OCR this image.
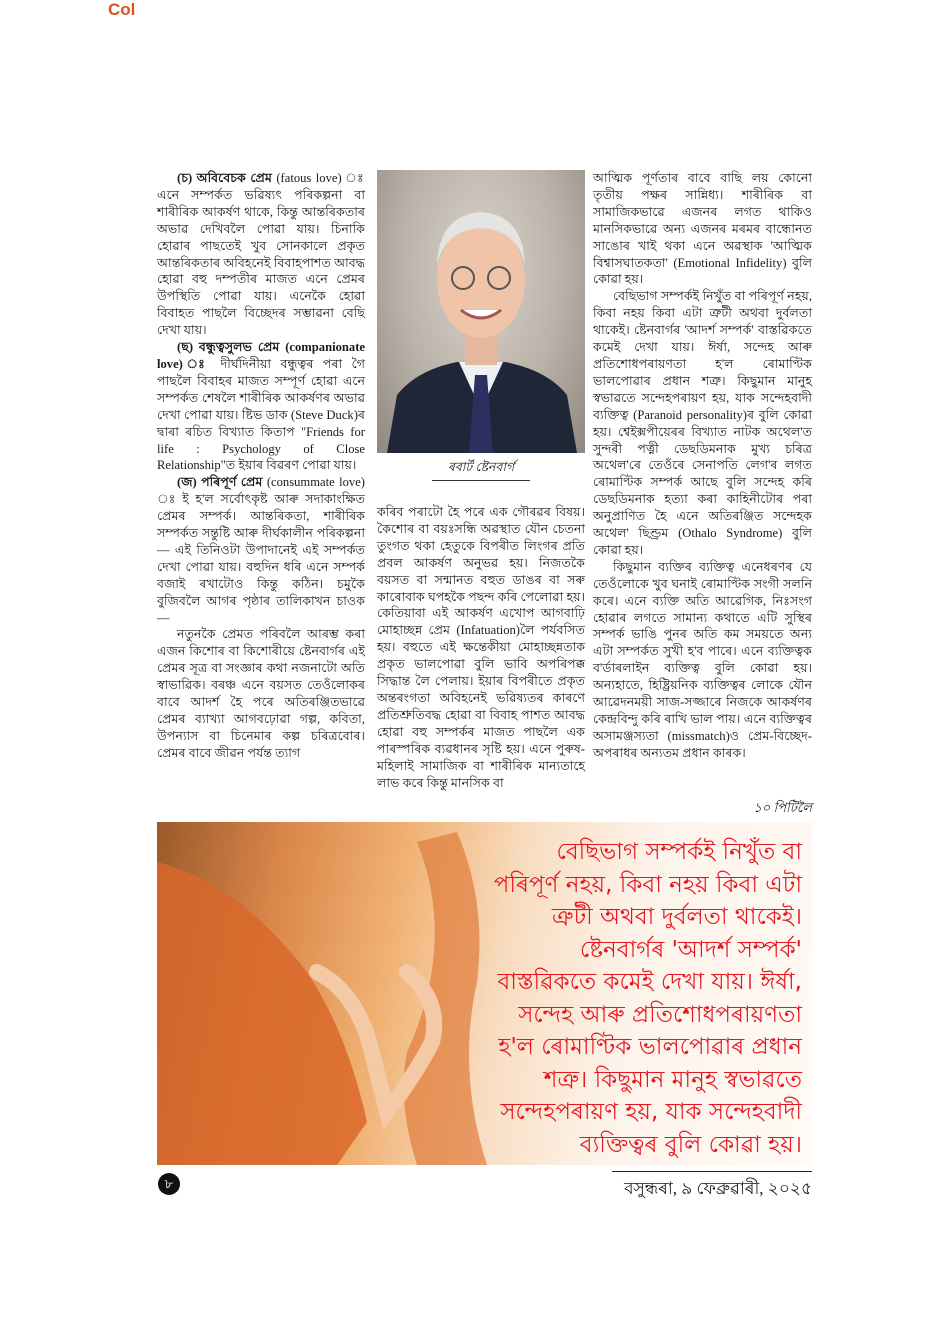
Col

(চ) অবিবেচক প্ৰেম (fatous love) ঃ এনে সম্পৰ্কত ভৱিষ্যৎ পৰিকল্পনা বা শাৰীৰিক আকৰ্ষণ থাকে, কিন্তু আন্তৰিকতাৰ অভাৱ দেখিবলৈ পোৱা যায়। চিনাকি হোৱাৰ পাছতেই খুব সোনকালে প্ৰকৃত আন্তৰিকতাৰ অবিহনেই বিবাহপাশত আবদ্ধ হোৱা বহু দম্পতীৰ মাজত এনে প্ৰেমৰ উপস্থিতি পোৱা যায়। এনেকৈ হোৱা বিবাহত পাছলৈ বিচ্ছেদৰ সম্ভাৱনা বেছি দেখা যায়।

(ছ) বন্ধুত্বসুলভ প্ৰেম (companionate love) ঃ দীৰ্ঘদিনীয়া বন্ধুত্বৰ পৰা গৈ পাছলৈ বিবাহৰ মাজত সম্পূৰ্ণ হোৱা এনে সম্পৰ্কত শেষলৈ শাৰীৰিক আকৰ্ষণৰ অভাৱ দেখা পোৱা যায়। ষ্টিভ ডাক (Steve Duck)ৰ দ্বাৰা ৰচিত বিখ্যাত কিতাপ "Friends for life : Psychology of Close Relationship"ত ইয়াৰ বিৱৰণ পোৱা যায়।

(জ) পৰিপূৰ্ণ প্ৰেম (consummate love) ঃ ই হ'ল সৰ্বোৎকৃষ্ট আৰু সদাকাংক্ষিত প্ৰেমৰ সম্পৰ্ক। আন্তৰিকতা, শাৰীৰিক সম্পৰ্কত সন্তুষ্টি আৰু দীৰ্ঘকালীন পৰিকল্পনা — এই তিনিওটা উপাদানেই এই সম্পৰ্কত দেখা পোৱা যায়। বহুদিন ধৰি এনে সম্পৰ্ক বজাই ৰখাটোও কিন্তু কঠিন। চমুকৈ বুজিবলৈ আগৰ পৃষ্ঠাৰ তালিকাখন চাওক —

নতুনকৈ প্ৰেমত পৰিবলৈ আৰম্ভ কৰা এজন কিশোৰ বা কিশোৰীয়ে ষ্টেনবাৰ্গৰ এই প্ৰেমৰ সূত্ৰ বা সংজ্ঞাৰ কথা নজনাটো অতি স্বাভাৱিক। বৰঞ্চ এনে বয়সত তেওঁলোকৰ বাবে আদৰ্শ হৈ পৰে অতিৰঞ্জিতভাৱে প্ৰেমৰ ব্যাখ্যা আগবঢ়োৱা গল্প, কবিতা, উপন্যাস বা চিনেমাৰ কল্প চৰিত্ৰবোৰ। প্ৰেমৰ বাবে জীৱন পৰ্যন্ত ত্যাগ

ৰবাৰ্ট ষ্টেনবাৰ্গ

কৰিব পৰাটো হৈ পৰে এক গৌৰৱৰ বিষয়। কৈশোৰ বা বয়ঃসন্ধি অৱস্থাত যৌন চেতনা তুংগত থকা হেতুকে বিপৰীত লিংগৰ প্ৰতি প্ৰবল আকৰ্ষণ অনুভৱ হয়। নিজতকৈ বয়সত বা সন্মানত বহুত ডাঙৰ বা সৰু কাৰোবাক ঘপহকৈ পছন্দ কৰি পেলোৱা হয়। কেতিয়াবা এই আকৰ্ষণ এখোপ আগবাঢ়ি মোহাচ্ছন্ন প্ৰেম (Infatuation)লৈ পৰ্যবসিত হয়। বহুতে এই ক্ষন্তেকীয়া মোহাচ্ছন্নতাক প্ৰকৃত ভালপোৱা বুলি ভাবি অপৰিপক্ক সিদ্ধান্ত লৈ পেলায়। ইয়াৰ বিপৰীতে প্ৰকৃত অন্তৰংগতা অবিহনেই ভৱিষ্যতৰ কাৰণে প্ৰতিশ্ৰুতিবদ্ধ হোৱা বা বিবাহ পাশত আবদ্ধ হোৱা বহু সম্পৰ্কৰ মাজত পাছলৈ এক পাৰস্পৰিক ব্যৱধানৰ সৃষ্টি হয়। এনে পুৰুষ-মহিলাই সামাজিক বা শাৰীৰিক মান্যতাহে লাভ কৰে কিন্তু মানসিক বা

আত্মিক পূৰ্ণতাৰ বাবে বাছি লয় কোনো তৃতীয় পক্ষৰ সান্নিধ্য। শাৰীৰিক বা সামাজিকভাৱে এজনৰ লগত থাকিও মানসিকভাৱে অন্য এজনৰ মৰমৰ বান্ধোনত সাঙোৰ খাই থকা এনে অৱস্থাক 'আত্মিক বিশ্বাসঘাতকতা' (Emotional Infidelity) বুলি কোৱা হয়।

বেছিভাগ সম্পৰ্কই নিখুঁত বা পৰিপূৰ্ণ নহয়, কিবা নহয় কিবা এটা ত্ৰুটী অথবা দুৰ্বলতা থাকেই। ষ্টেনবাৰ্গৰ 'আদৰ্শ সম্পৰ্ক' বাস্তৱিকতে কমেই দেখা যায়। ঈৰ্ষা, সন্দেহ আৰু প্ৰতিশোধপৰায়ণতা হ'ল ৰোমাণ্টিক ভালপোৱাৰ প্ৰধান শত্ৰু। কিছুমান মানুহ স্বভাৱতে সন্দেহপৰায়ণ হয়, যাক সন্দেহবাদী ব্যক্তিত্ব (Paranoid personality)ৰ বুলি কোৱা হয়। শ্বেইক্সপীয়েৰৰ বিখ্যাত নাটক অথেল'ত সুন্দৰী পত্নী ডেছডিমনাক মুখ্য চৰিত্ৰ অথেল'ৰে তেওঁৰে সেনাপতি লেগ'ৰ লগত ৰোমাণ্টিক সম্পৰ্ক আছে বুলি সন্দেহ কৰি ডেছডিমনাক হত্যা কৰা কাহিনীটোৰ পৰা অনুপ্ৰাণিত হৈ এনে অতিৰঞ্জিত সন্দেহক অথেল' ছিণ্ড্ৰম (Othalo Syndrome) বুলি কোৱা হয়।

কিছুমান ব্যক্তিৰ ব্যক্তিত্ব এনেধৰণৰ যে তেওঁলোকে খুব ঘনাই ৰোমাণ্টিক সংগী সলনি কৰে। এনে ব্যক্তি অতি আৱেগিক, নিঃসংগ হোৱাৰ লগতে সামান্য কথাতে এটি সুস্থিৰ সম্পৰ্ক ভাঙি পুনৰ অতি কম সময়তে অন্য এটা সম্পৰ্কত সুখী হ'ব পাৰে। এনে ব্যক্তিত্বক ব'ৰ্ডাৰলাইন ব্যক্তিত্ব বুলি কোৱা হয়। অন্যহাতে, হিষ্ট্ৰিয়নিক ব্যক্তিত্বৰ লোকে যৌন আৱেদনময়ী সাজ-সজ্জাৰে নিজকে আকৰ্ষণৰ কেন্দ্ৰবিন্দু কৰি ৰাখি ভাল পায়। এনে ব্যক্তিত্বৰ অসামঞ্জস্যতা (missmatch)ও প্ৰেম-বিচ্ছেদ-অপৰাধৰ অন্যতম প্ৰধান কাৰক।

১০ পিটিলৈ
বেছিভাগ সম্পৰ্কই নিখুঁত বা
পৰিপূৰ্ণ নহয়, কিবা নহয় কিবা এটা
ত্ৰুটী অথবা দুৰ্বলতা থাকেই।
ষ্টেনবাৰ্গৰ 'আদৰ্শ সম্পৰ্ক'
বাস্তৱিকতে কমেই দেখা যায়। ঈৰ্ষা,
সন্দেহ আৰু প্ৰতিশোধপৰায়ণতা
হ'ল ৰোমাণ্টিক ভালপোৱাৰ প্ৰধান
শত্ৰু। কিছুমান মানুহ স্বভাৱতে
সন্দেহপৰায়ণ হয়, যাক সন্দেহবাদী
ব্যক্তিত্বৰ বুলি কোৱা হয়।
৮	বসুন্ধৰা, ৯ ফেব্ৰুৱাৰী, ২০২৫
